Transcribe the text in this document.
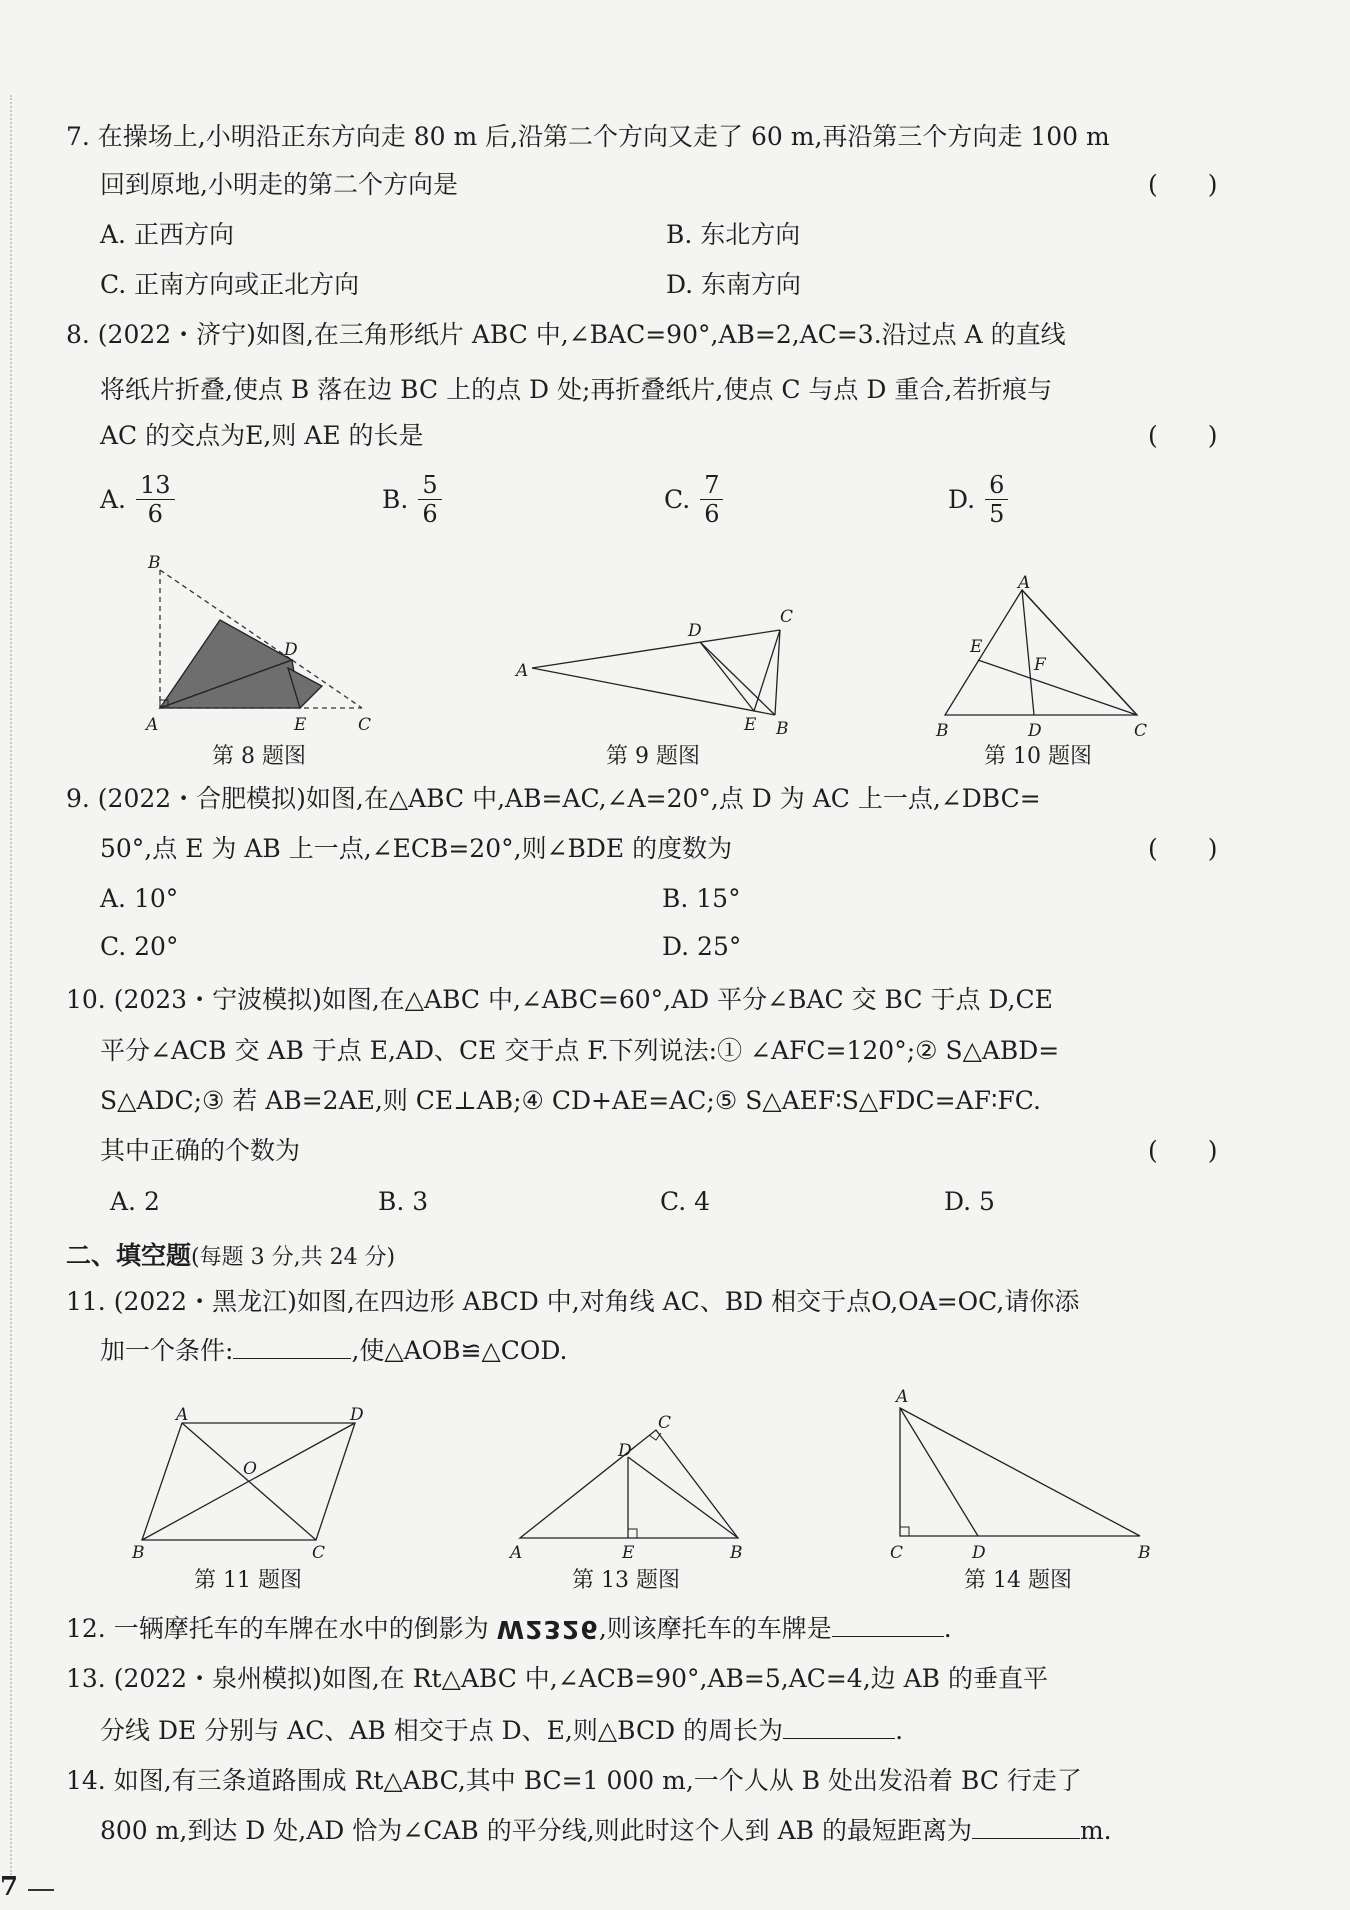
7. 在操场上,小明沿正东方向走 80 m 后,沿第二个方向又走了 60 m,再沿第三个方向走 100 m
回到原地,小明走的第二个方向是	(　　)
A. 正西方向	B. 东北方向
C. 正南方向或正北方向	D. 东南方向
8. (2022・济宁)如图,在三角形纸片 ABC 中,∠BAC=90°,AB=2,AC=3.沿过点 A 的直线
将纸片折叠,使点 B 落在边 BC 上的点 D 处;再折叠纸片,使点 C 与点 D 重合,若折痕与
AC 的交点为E,则 AE 的长是	(　　)
A. $\frac{13}{6}$	B. $\frac{5}{6}$	C. $\frac{7}{6}$	D. $\frac{6}{5}$
B
A
D
E	C
A
D
C
E B
A
E
F
B	D	C
第 8 题图	第 9 题图	第 10 题图
9. (2022・合肥模拟)如图,在△ABC 中,AB=AC,∠A=20°,点 D 为 AC 上一点,∠DBC=
50°,点 E 为 AB 上一点,∠ECB=20°,则∠BDE 的度数为	(　　)
A. 10°	B. 15°
C. 20°	D. 25°
10. (2023・宁波模拟)如图,在△ABC 中,∠ABC=60°,AD 平分∠BAC 交 BC 于点 D,CE
平分∠ACB 交 AB 于点 E,AD、CE 交于点 F.下列说法:① ∠AFC=120°;② S△ABD=
S△ADC;③ 若 AB=2AE,则 CE⊥AB;④ CD+AE=AC;⑤ S△AEF∶S△FDC=AF∶FC.
其中正确的个数为	(　　)
A. 2	B. 3	C. 4	D. 5
二、填空题(每题 3 分,共 24 分)
11. (2022・黑龙江)如图,在四边形 ABCD 中,对角线 AC、BD 相交于点O,OA=OC,请你添
加一个条件:	,使△AOB≌△COD.
A	D
O
B	C
C
D
A	E	B
A
C	D	B
第 11 题图	第 13 题图	第 14 题图
12. 一辆摩托车的车牌在水中的倒影为 W2326,则该摩托车的车牌是	.
13. (2022・泉州模拟)如图,在 Rt△ABC 中,∠ACB=90°,AB=5,AC=4,边 AB 的垂直平
分线 DE 分别与 AC、AB 相交于点 D、E,则△BCD 的周长为	.
14. 如图,有三条道路围成 Rt△ABC,其中 BC=1 000 m,一个人从 B 处出发沿着 BC 行走了
800 m,到达 D 处,AD 恰为∠CAB 的平分线,则此时这个人到 AB 的最短距离为	m.
7
